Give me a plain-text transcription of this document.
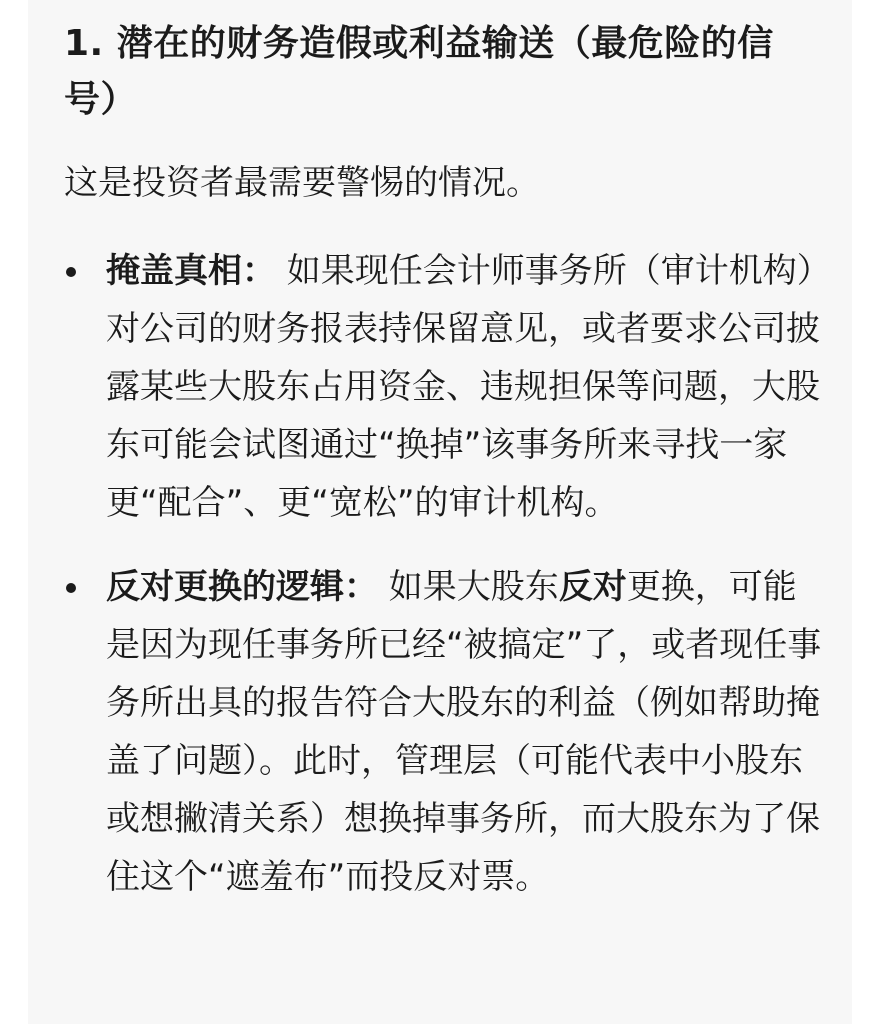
1. 潜在的财务造假或利益输送（最危险的信号）

这是投资者最需要警惕的情况。

掩盖真相： 如果现任会计师事务所（审计机构）对公司的财务报表持保留意见，或者要求公司披露某些大股东占用资金、违规担保等问题，大股东可能会试图通过“换掉”该事务所来寻找一家更“配合”、更“宽松”的审计机构。
反对更换的逻辑： 如果大股东反对更换，可能是因为现任事务所已经“被搞定”了，或者现任事务所出具的报告符合大股东的利益（例如帮助掩盖了问题）。此时，管理层（可能代表中小股东或想撇清关系）想换掉事务所，而大股东为了保住这个“遮羞布”而投反对票。
